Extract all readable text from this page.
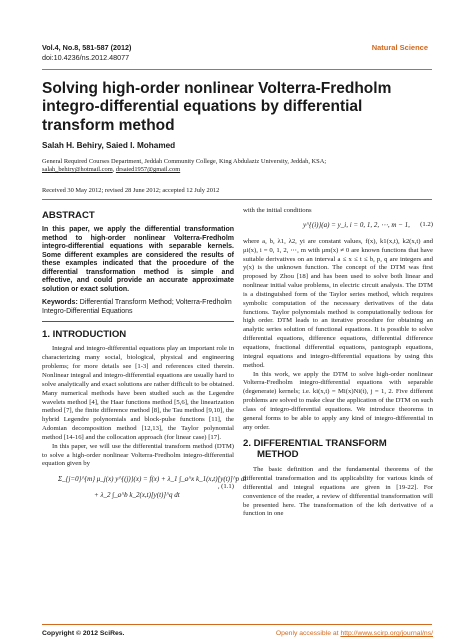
Vol.4, No.8, 581-587 (2012)
doi:10.4236/ns.2012.48077
Natural Science
Solving high-order nonlinear Volterra-Fredholm integro-differential equations by differential transform method
Salah H. Behiry, Saied I. Mohamed
General Required Courses Department, Jeddah Community College, King Abdulaziz University, Jeddah, KSA;
salah_behiry@hotmail.com, drsaied1957@gmail.com
Received 30 May 2012; revised 28 June 2012; accepted 12 July 2012
ABSTRACT

In this paper, we apply the differential transformation method to high-order nonlinear Volterra-Fredholm integro-differential equations with separable kernels. Some different examples are considered the results of these examples indicated that the procedure of the differential transformation method is simple and effective, and could provide an accurate approximate solution or exact solution.

Keywords: Differential Transform Method; Volterra-Fredholm Integro-Differential Equations
1. INTRODUCTION

Integral and integro-differential equations play an important role in characterizing many social, biological, physical and engineering problems; for more details see [1-3] and references cited therein. Nonlinear integral and integro-differential equations are usually hard to solve analytically and exact solutions are rather difficult to be obtained. Many numerical methods have been studied such as the Legendre wavelets method [4], the Haar functions method [5,6], the linearization method [7], the finite difference method [8], the Tau method [9,10], the hybrid Legendre polynomials and block-pulse functions [11], the Adomian decomposition method [12,13], the Taylor polynomial method [14-16] and the collocation approach (for linear case) [17].

In this paper, we will use the differential transform method (DTM) to solve a high-order nonlinear Volterra-Fredholm integro-differential equation given by

Σ_{j=0}^{m} μ_j(x) y^{(j)}(x) = f(x) + λ_1 ∫_a^x k_1(x,t)[y(t)]^p dt
+ λ_2 ∫_a^b k_2(x,t)[y(t)]^q dt
, (1.1)

with the initial conditions

y^{(i)}(a) = y_i, i = 0, 1, 2, ⋯, m − 1, (1.2)

where a, b, λ1, λ2, yi are constant values, f(x), k1(x,t), k2(x,t) and μi(x), i = 0, 1, 2, ⋯, m with μm(x) ≠ 0 are known functions that have suitable derivatives on an interval a ≤ x ≤ t ≤ b, p, q are integers and y(x) is the unknown function. The concept of the DTM was first proposed by Zhou [18] and has been used to solve both linear and nonlinear initial value problems, in electric circuit analysis. The DTM is a distinguished form of the Taylor series method, which requires symbolic computation of the necessary derivatives of the data functions. Taylor polynomials method is computationally tedious for high order. DTM leads to an iterative procedure for obtaining an analytic series solution of functional equations. It is possible to solve differential equations, difference equations, differential difference equations, fractional differential equations, pantograph equations, integral equations and integro-differential equations by using this method.

In this work, we apply the DTM to solve high-order nonlinear Volterra-Fredholm integro-differential equations with separable (degenerate) kernels; i.e. ki(x,t) = Mi(x)Ni(t), j = 1, 2. Five different problems are solved to make clear the application of the DTM on such class of integro-differential equations. We introduce theorems in general forms to be able to apply any kind of integro-differential in any order.

2. DIFFERENTIAL TRANSFORM
METHOD

The basic definition and the fundamental theorems of the differential transformation and its applicability for various kinds of differential and integral equations are given in [19-22]. For convenience of the reader, a review of differential transformation will be presented here. The transformation of the kth derivative of a function in one

Copyright © 2012 SciRes.	Openly accessible at http://www.scirp.org/journal/ns/
